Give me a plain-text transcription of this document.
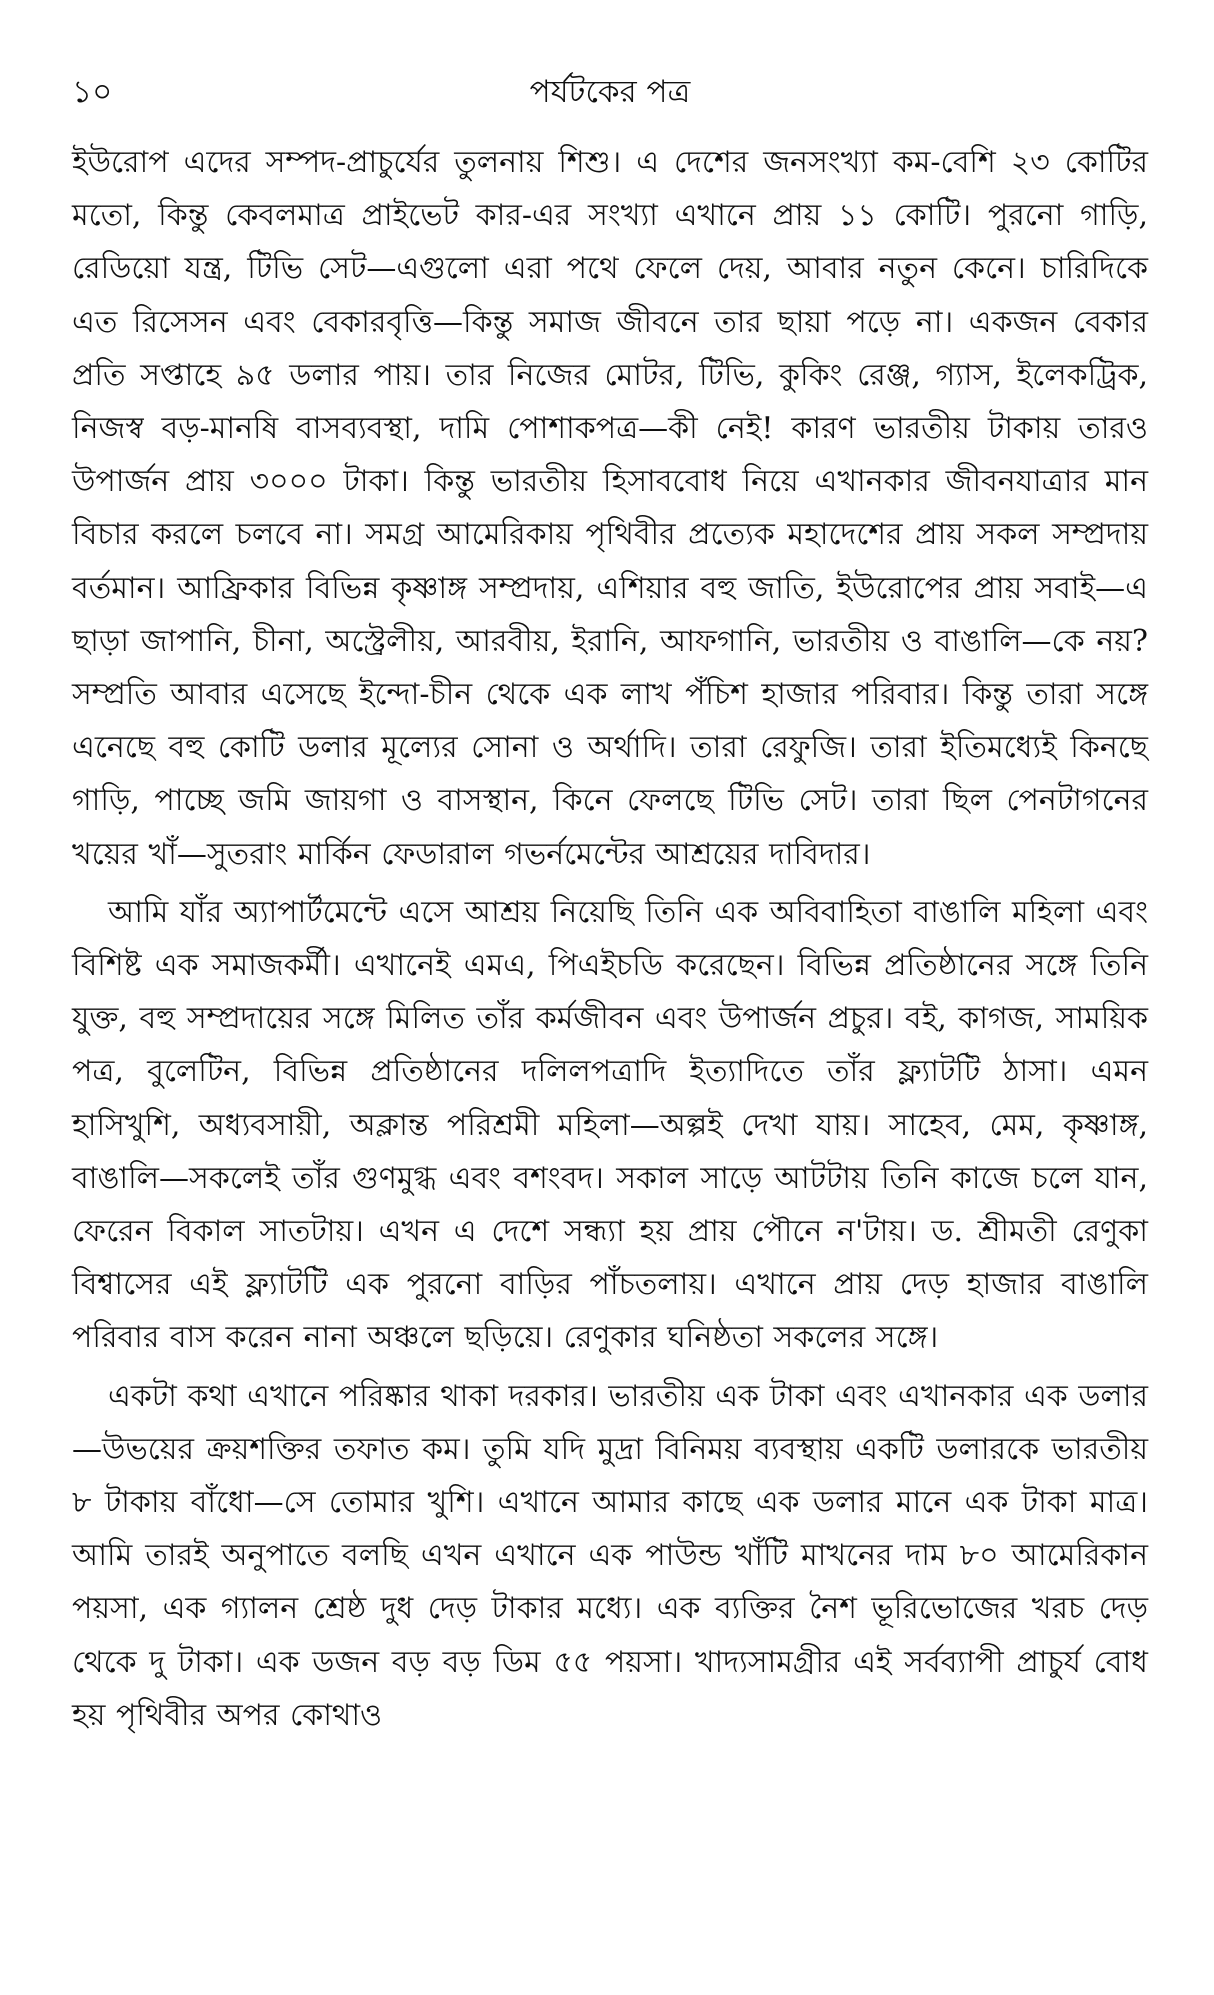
১০	পর্যটকের পত্র

ইউরোপ এদের সম্পদ-প্রাচুর্যের তুলনায় শিশু। এ দেশের জনসংখ্যা কম-বেশি ২৩ কোটির মতো, কিন্তু কেবলমাত্র প্রাইভেট কার-এর সংখ্যা এখানে প্রায় ১১ কোটি। পুরনো গাড়ি, রেডিয়ো যন্ত্র, টিভি সেট—এগুলো এরা পথে ফেলে দেয়, আবার নতুন কেনে। চারিদিকে এত রিসেসন এবং বেকারবৃত্তি—কিন্তু সমাজ জীবনে তার ছায়া পড়ে না। একজন বেকার প্রতি সপ্তাহে ৯৫ ডলার পায়। তার নিজের মোটর, টিভি, কুকিং রেঞ্জ, গ্যাস, ইলেকট্রিক, নিজস্ব বড়-মানষি বাসব্যবস্থা, দামি পোশাকপত্র—কী নেই! কারণ ভারতীয় টাকায় তারও উপার্জন প্রায় ৩০০০ টাকা। কিন্তু ভারতীয় হিসাববোধ নিয়ে এখানকার জীবনযাত্রার মান বিচার করলে চলবে না। সমগ্র আমেরিকায় পৃথিবীর প্রত্যেক মহাদেশের প্রায় সকল সম্প্রদায় বর্তমান। আফ্রিকার বিভিন্ন কৃষ্ণাঙ্গ সম্প্রদায়, এশিয়ার বহু জাতি, ইউরোপের প্রায় সবাই—এ ছাড়া জাপানি, চীনা, অস্ট্রেলীয়, আরবীয়, ইরানি, আফগানি, ভারতীয় ও বাঙালি—কে নয়? সম্প্রতি আবার এসেছে ইন্দো-চীন থেকে এক লাখ পঁচিশ হাজার পরিবার। কিন্তু তারা সঙ্গে এনেছে বহু কোটি ডলার মূল্যের সোনা ও অর্থাদি। তারা রেফুজি। তারা ইতিমধ্যেই কিনছে গাড়ি, পাচ্ছে জমি জায়গা ও বাসস্থান, কিনে ফেলছে টিভি সেট। তারা ছিল পেনটাগনের খয়ের খাঁ—সুতরাং মার্কিন ফেডারাল গভর্নমেন্টের আশ্রয়ের দাবিদার।

আমি যাঁর অ্যাপার্টমেন্টে এসে আশ্রয় নিয়েছি তিনি এক অবিবাহিতা বাঙালি মহিলা এবং বিশিষ্ট এক সমাজকর্মী। এখানেই এমএ, পিএইচডি করেছেন। বিভিন্ন প্রতিষ্ঠানের সঙ্গে তিনি যুক্ত, বহু সম্প্রদায়ের সঙ্গে মিলিত তাঁর কর্মজীবন এবং উপার্জন প্রচুর। বই, কাগজ, সাময়িক পত্র, বুলেটিন, বিভিন্ন প্রতিষ্ঠানের দলিলপত্রাদি ইত্যাদিতে তাঁর ফ্ল্যাটটি ঠাসা। এমন হাসিখুশি, অধ্যবসায়ী, অক্লান্ত পরিশ্রমী মহিলা—অল্পই দেখা যায়। সাহেব, মেম, কৃষ্ণাঙ্গ, বাঙালি—সকলেই তাঁর গুণমুগ্ধ এবং বশংবদ। সকাল সাড়ে আটটায় তিনি কাজে চলে যান, ফেরেন বিকাল সাতটায়। এখন এ দেশে সন্ধ্যা হয় প্রায় পৌনে ন'টায়। ড. শ্রীমতী রেণুকা বিশ্বাসের এই ফ্ল্যাটটি এক পুরনো বাড়ির পাঁচতলায়। এখানে প্রায় দেড় হাজার বাঙালি পরিবার বাস করেন নানা অঞ্চলে ছড়িয়ে। রেণুকার ঘনিষ্ঠতা সকলের সঙ্গে।

একটা কথা এখানে পরিষ্কার থাকা দরকার। ভারতীয় এক টাকা এবং এখানকার এক ডলার—উভয়ের ক্রয়শক্তির তফাত কম। তুমি যদি মুদ্রা বিনিময় ব্যবস্থায় একটি ডলারকে ভারতীয় ৮ টাকায় বাঁধো—সে তোমার খুশি। এখানে আমার কাছে এক ডলার মানে এক টাকা মাত্র। আমি তারই অনুপাতে বলছি এখন এখানে এক পাউন্ড খাঁটি মাখনের দাম ৮০ আমেরিকান পয়সা, এক গ্যালন শ্রেষ্ঠ দুধ দেড় টাকার মধ্যে। এক ব্যক্তির নৈশ ভূরিভোজের খরচ দেড় থেকে দু টাকা। এক ডজন বড় বড় ডিম ৫৫ পয়সা। খাদ্যসামগ্রীর এই সর্বব্যাপী প্রাচুর্য বোধ হয় পৃথিবীর অপর কোথাও
